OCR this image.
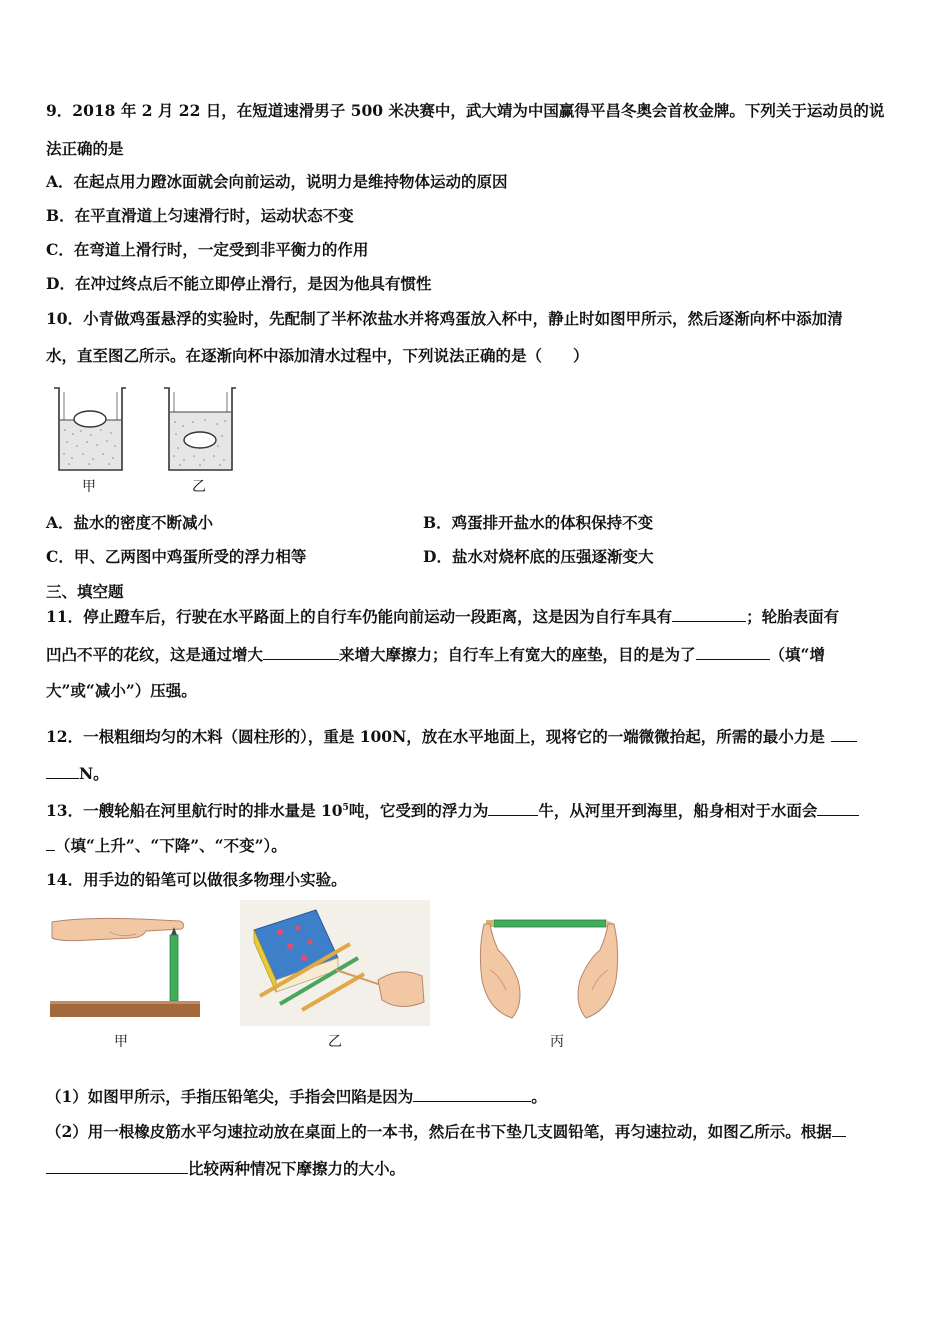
9．2018 年 2 月 22 日，在短道速滑男子 500 米决赛中，武大靖为中国赢得平昌冬奥会首枚金牌。下列关于运动员的说
法正确的是
A．在起点用力蹬冰面就会向前运动，说明力是维持物体运动的原因
B．在平直滑道上匀速滑行时，运动状态不变
C．在弯道上滑行时，一定受到非平衡力的作用
D．在冲过终点后不能立即停止滑行，是因为他具有惯性
10．小青做鸡蛋悬浮的实验时，先配制了半杯浓盐水并将鸡蛋放入杯中，静止时如图甲所示，然后逐渐向杯中添加清
水，直至图乙所示。在逐渐向杯中添加清水过程中，下列说法正确的是（　　）
甲	乙
A．盐水的密度不断减小	B．鸡蛋排开盐水的体积保持不变
C．甲、乙两图中鸡蛋所受的浮力相等	D．盐水对烧杯底的压强逐渐变大
三、填空题
11．停止蹬车后，行驶在水平路面上的自行车仍能向前运动一段距离，这是因为自行车具有	；轮胎表面有
凹凸不平的花纹，这是通过增大	来增大摩擦力；自行车上有宽大的座垫，目的是为了	（填“增
大”或“减小”）压强。
12．一根粗细均匀的木料（圆柱形的），重是 100N，放在水平地面上，现将它的一端微微抬起，所需的最小力是
N。
13．一艘轮船在河里航行时的排水量是 $10^5$吨，它受到的浮力为	牛，从河里开到海里，船身相对于水面会
（填“上升”、“下降”、“不变”）。
14．用手边的铅笔可以做很多物理小实验。
甲	乙	丙
（1）如图甲所示，手指压铅笔尖，手指会凹陷是因为	。
（2）用一根橡皮筋水平匀速拉动放在桌面上的一本书，然后在书下垫几支圆铅笔，再匀速拉动，如图乙所示。根据
比较两种情况下摩擦力的大小。
